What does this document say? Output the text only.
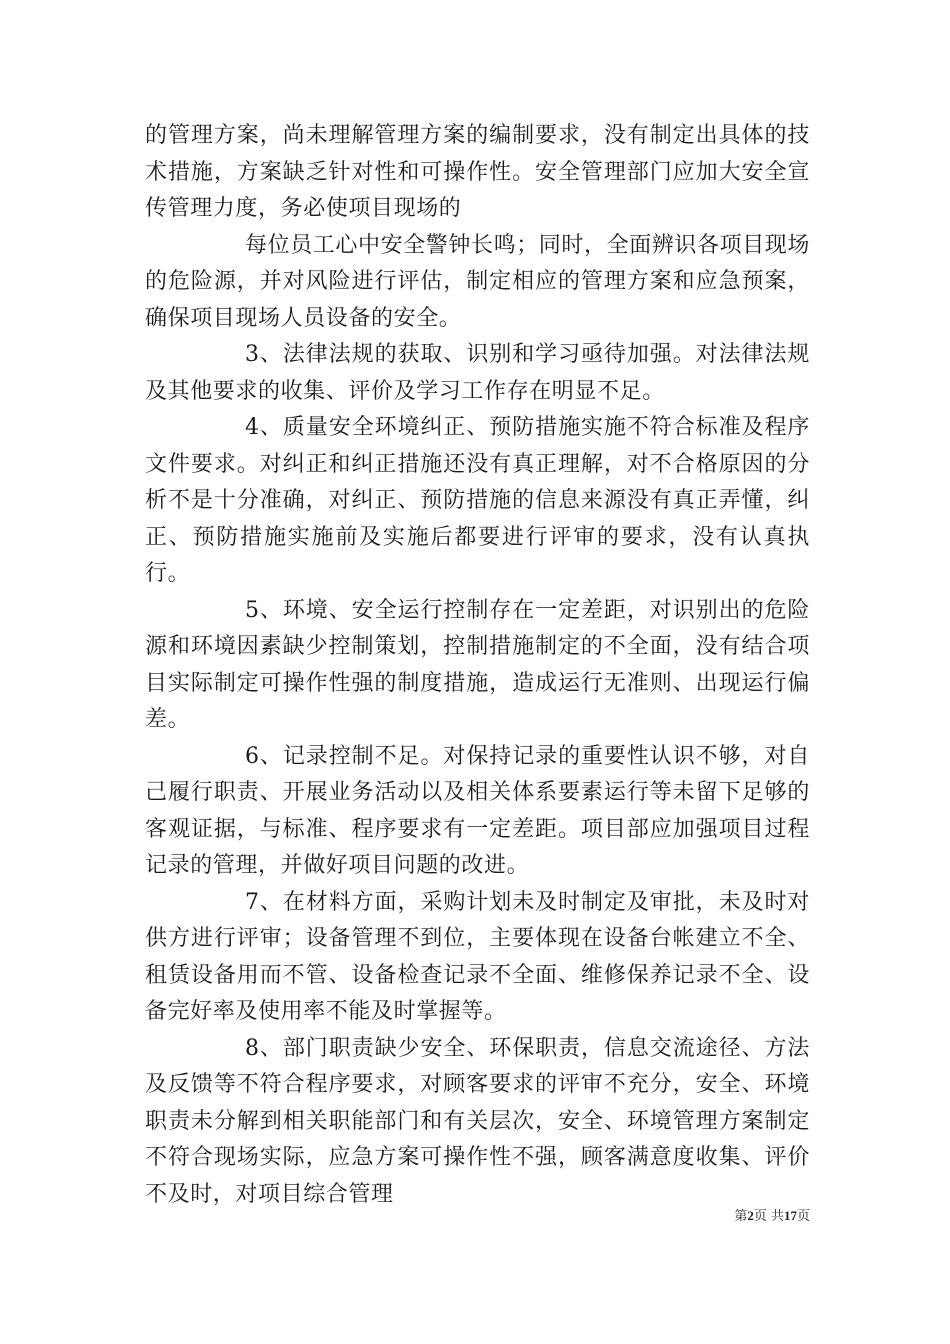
的管理方案，尚未理解管理方案的编制要求，没有制定出具体的技术措施，方案缺乏针对性和可操作性。安全管理部门应加大安全宣传管理力度，务必使项目现场的

每位员工心中安全警钟长鸣；同时，全面辨识各项目现场的危险源，并对风险进行评估，制定相应的管理方案和应急预案，确保项目现场人员设备的安全。

3、法律法规的获取、识别和学习亟待加强。对法律法规及其他要求的收集、评价及学习工作存在明显不足。

4、质量安全环境纠正、预防措施实施不符合标准及程序文件要求。对纠正和纠正措施还没有真正理解，对不合格原因的分析不是十分准确，对纠正、预防措施的信息来源没有真正弄懂，纠正、预防措施实施前及实施后都要进行评审的要求，没有认真执行。

5、环境、安全运行控制存在一定差距，对识别出的危险源和环境因素缺少控制策划，控制措施制定的不全面，没有结合项目实际制定可操作性强的制度措施，造成运行无准则、出现运行偏差。

6、记录控制不足。对保持记录的重要性认识不够，对自己履行职责、开展业务活动以及相关体系要素运行等未留下足够的客观证据，与标准、程序要求有一定差距。项目部应加强项目过程记录的管理，并做好项目问题的改进。

7、在材料方面，采购计划未及时制定及审批，未及时对供方进行评审；设备管理不到位，主要体现在设备台帐建立不全、租赁设备用而不管、设备检查记录不全面、维修保养记录不全、设备完好率及使用率不能及时掌握等。

8、部门职责缺少安全、环保职责，信息交流途径、方法及反馈等不符合程序要求，对顾客要求的评审不充分，安全、环境职责未分解到相关职能部门和有关层次，安全、环境管理方案制定不符合现场实际，应急方案可操作性不强，顾客满意度收集、评价不及时，对项目综合管理

第2页 共17页
